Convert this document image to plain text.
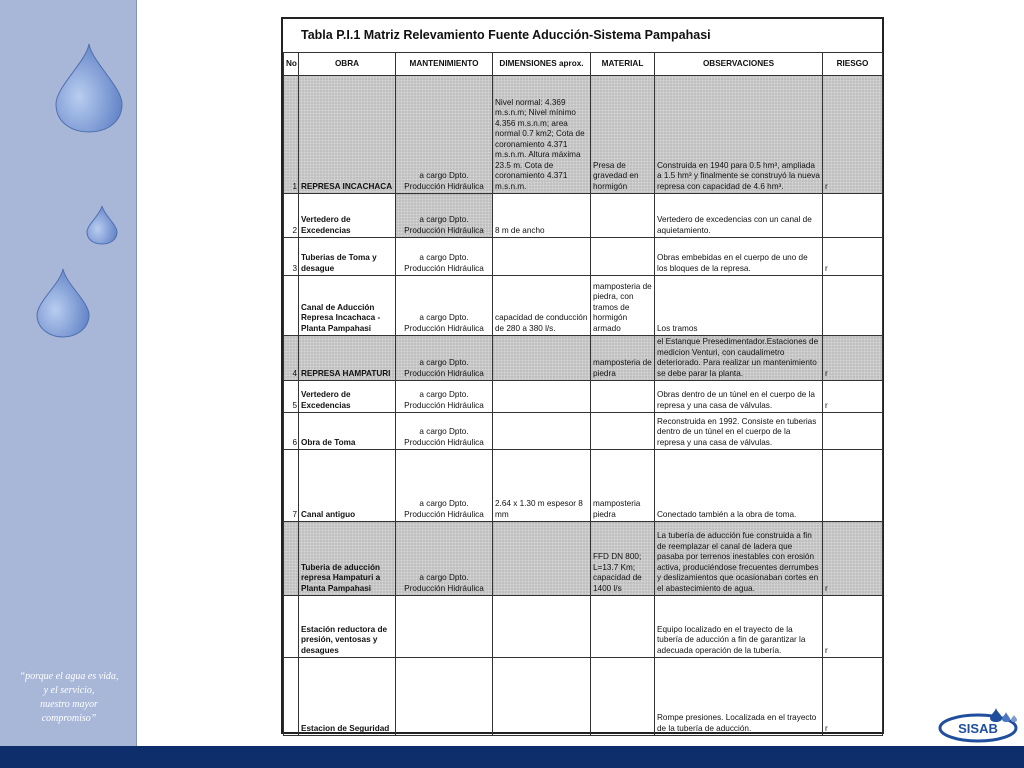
“porque el agua es vida,
y el servicio,
nuestro mayor
compromiso”
Tabla P.I.1 Matriz Relevamiento Fuente Aducción-Sistema Pampahasi
No	OBRA	MANTENIMIENTO	DIMENSIONES aprox.	MATERIAL	OBSERVACIONES	RIESGO
1	REPRESA INCACHACA	a cargo Dpto. Producción Hidráulica	Nivel normal: 4.369 m.s.n.m; Nivel mínimo 4.356 m.s.n.m; area normal 0.7 km2; Cota de coronamiento 4.371 m.s.n.m. Altura máxima 23.5 m. Cota de coronamiento 4.371 m.s.n.m.	Presa de gravedad en hormigón	Construida en 1940 para 0.5 hm³, ampliada a 1.5 hm³ y finalmente se construyó la nueva represa con capacidad de 4.6 hm³.	r
2	Vertedero de Excedencias	a cargo Dpto. Producción Hidráulica	8 m de ancho		Vertedero de excedencias con un canal de aquietamiento.	
3	Tuberias de Toma y desague	a cargo Dpto. Producción Hidráulica			Obras embebidas en el cuerpo de uno de los bloques de la represa.	r
	Canal de Aducción Represa Incachaca - Planta Pampahasi	a cargo Dpto. Producción Hidráulica	capacidad de conducción de 280 a 380 l/s.	mamposteria de piedra, con tramos de hormigón armado	Los tramos	
4	REPRESA HAMPATURI	a cargo Dpto. Producción Hidráulica		mamposteria de piedra	el Estanque Presedimentador.Estaciones de medicion Venturi, con caudalimetro deteriorado. Para realizar un mantenimiento se debe parar la planta.	r
5	Vertedero de Excedencias	a cargo Dpto. Producción Hidráulica			Obras dentro de un túnel en el cuerpo de la represa y una casa de válvulas.	r
6	Obra de Toma	a cargo Dpto. Producción Hidráulica			Reconstruida en 1992. Consiste en tuberias dentro de un túnel en el cuerpo de la represa y una casa de válvulas.	
7	Canal antiguo	a cargo Dpto. Producción Hidráulica	2.64 x 1.30 m espesor 8 mm	mamposteria piedra	Conectado también a la obra de toma.	
	Tuberia de aducción represa Hampaturi a Planta Pampahasi	a cargo Dpto. Producción Hidráulica		FFD DN 800; L=13.7 Km; capacidad de 1400 l/s	La tubería de aducción fue construida a fin de reemplazar el canal de ladera que pasaba por terrenos inestables con erosión activa, produciéndose frecuentes derrumbes y deslizamientos que ocasionaban cortes en el abastecimiento de agua.	r
	Estación reductora de presión, ventosas y desagues				Equipo localizado en el trayecto de la tubería de aducción a fin de garantizar la adecuada operación de la tubería.	r
	Estacion de Seguridad				Rompe presiones. Localizada en el trayecto de la tubería de aducción.	r	SISAB
